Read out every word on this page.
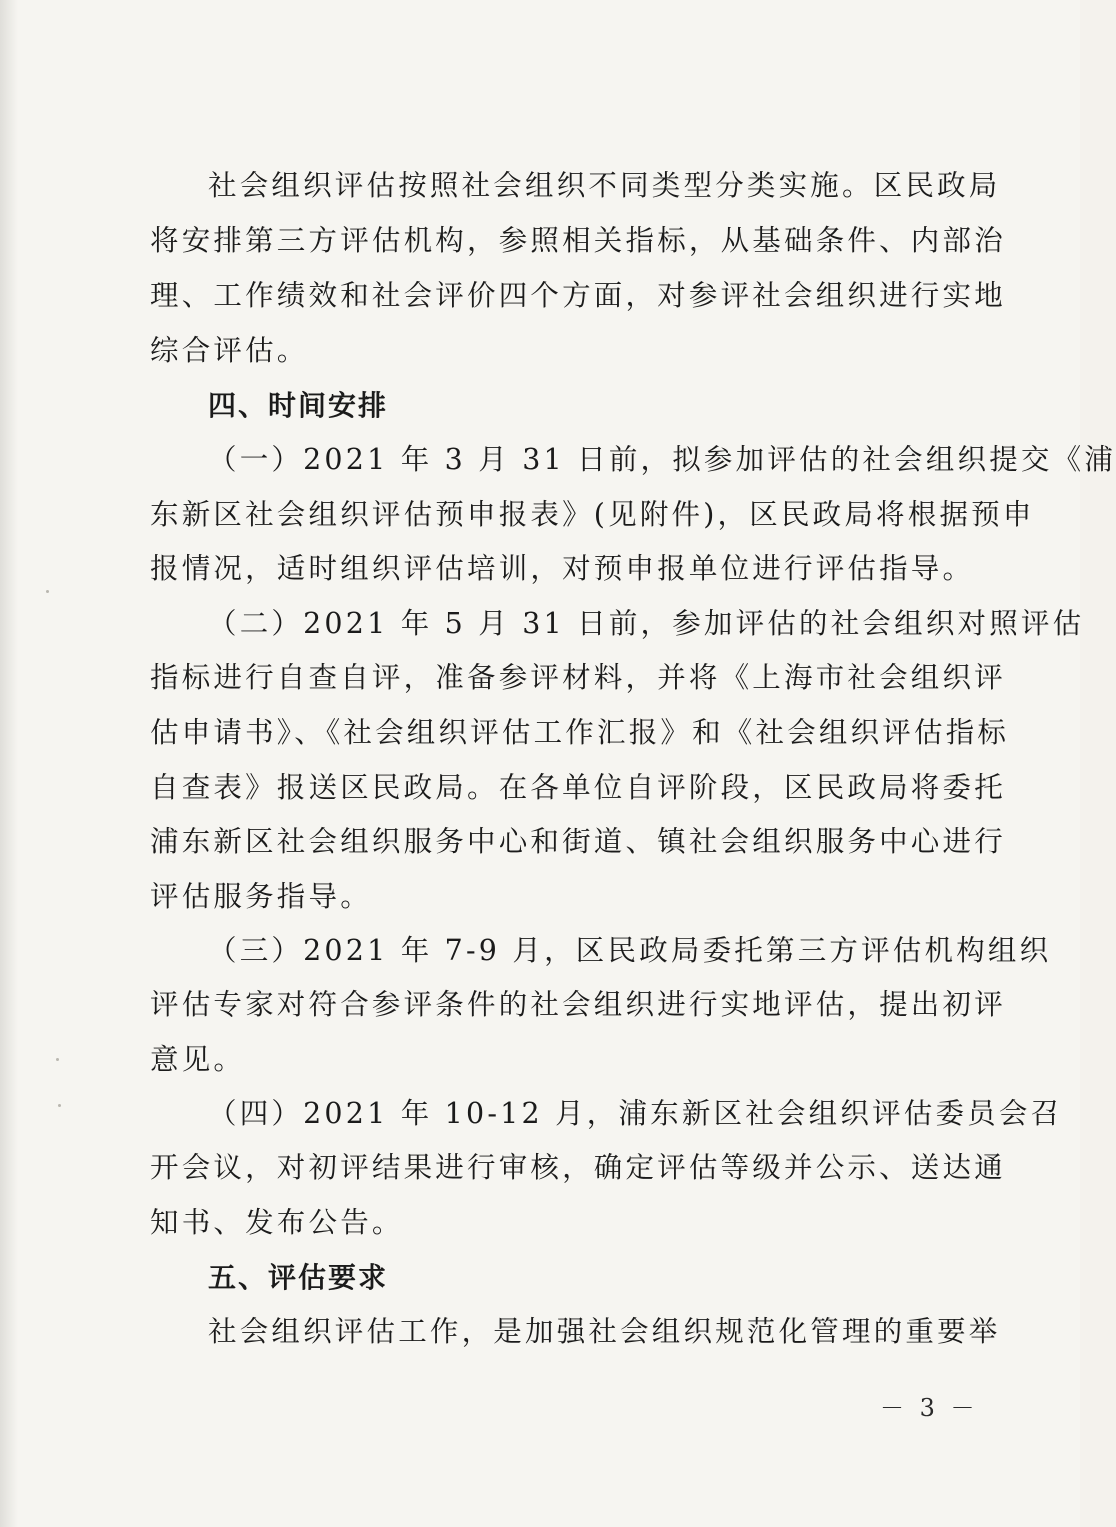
社会组织评估按照社会组织不同类型分类实施。区民政局

将安排第三方评估机构，参照相关指标，从基础条件、内部治

理、工作绩效和社会评价四个方面，对参评社会组织进行实地

综合评估。

四、时间安排

（一）2021 年 3 月 31 日前，拟参加评估的社会组织提交《浦

东新区社会组织评估预申报表》(见附件)，区民政局将根据预申

报情况，适时组织评估培训，对预申报单位进行评估指导。

（二）2021 年 5 月 31 日前，参加评估的社会组织对照评估

指标进行自查自评，准备参评材料，并将《上海市社会组织评

估申请书》、《社会组织评估工作汇报》和《社会组织评估指标

自查表》报送区民政局。在各单位自评阶段，区民政局将委托

浦东新区社会组织服务中心和街道、镇社会组织服务中心进行

评估服务指导。

（三）2021 年 7-9 月，区民政局委托第三方评估机构组织

评估专家对符合参评条件的社会组织进行实地评估，提出初评

意见。

（四）2021 年 10-12 月，浦东新区社会组织评估委员会召

开会议，对初评结果进行审核，确定评估等级并公示、送达通

知书、发布公告。

五、评估要求

社会组织评估工作，是加强社会组织规范化管理的重要举

－ 3 －
